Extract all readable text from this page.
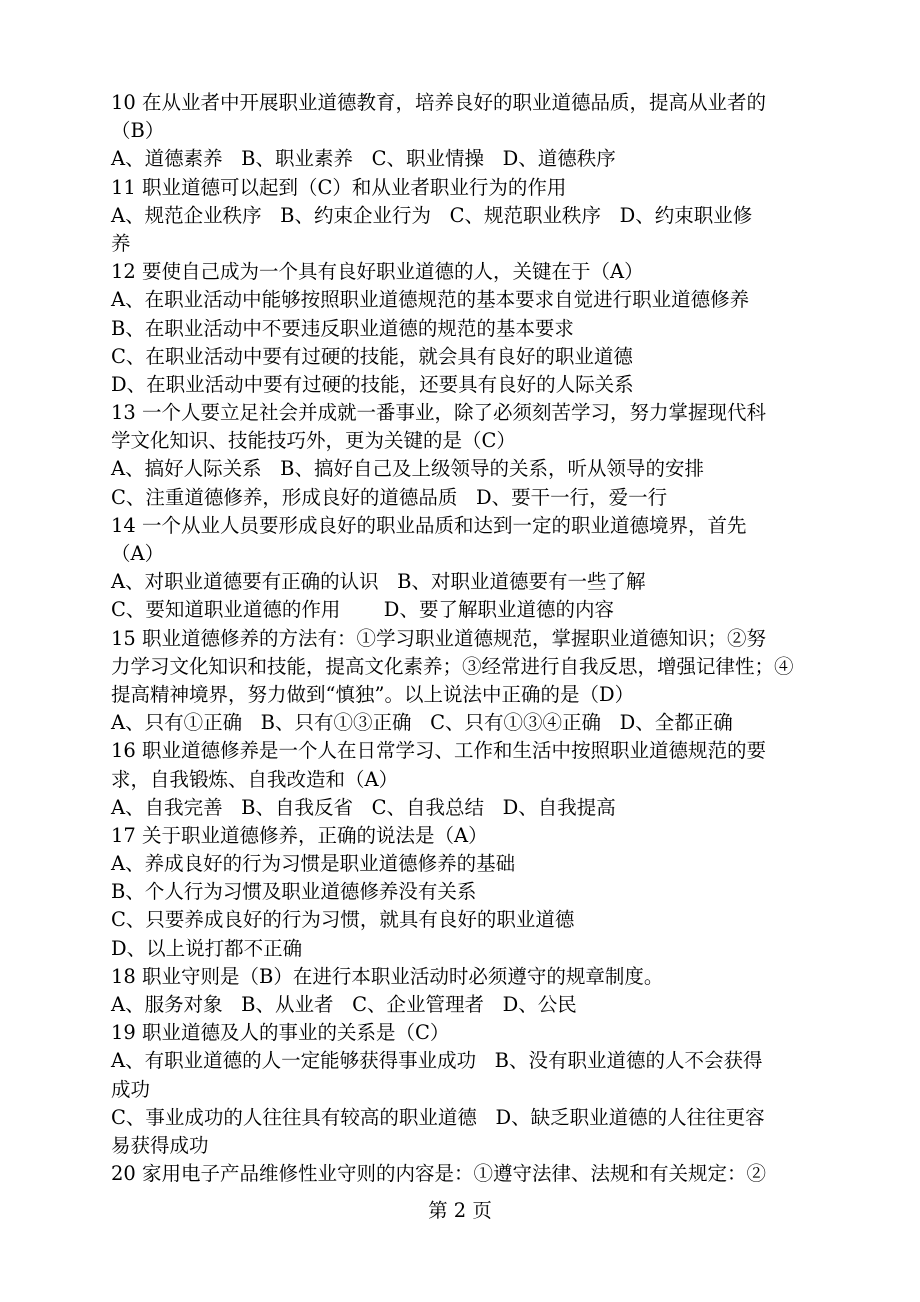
10 在从业者中开展职业道德教育，培养良好的职业道德品质，提高从业者的
（B）
A、道德素养   B、职业素养   C、职业情操   D、道德秩序
11 职业道德可以起到（C）和从业者职业行为的作用
A、规范企业秩序   B、约束企业行为   C、规范职业秩序   D、约束职业修
养
12 要使自己成为一个具有良好职业道德的人，关键在于（A）
A、在职业活动中能够按照职业道德规范的基本要求自觉进行职业道德修养
B、在职业活动中不要违反职业道德的规范的基本要求
C、在职业活动中要有过硬的技能，就会具有良好的职业道德
D、在职业活动中要有过硬的技能，还要具有良好的人际关系
13 一个人要立足社会并成就一番事业，除了必须刻苦学习，努力掌握现代科
学文化知识、技能技巧外，更为关键的是（C）
A、搞好人际关系   B、搞好自己及上级领导的关系，听从领导的安排
C、注重道德修养，形成良好的道德品质   D、要干一行，爱一行
14 一个从业人员要形成良好的职业品质和达到一定的职业道德境界，首先
（A）
A、对职业道德要有正确的认识   B、对职业道德要有一些了解
C、要知道职业道德的作用       D、要了解职业道德的内容
15 职业道德修养的方法有：①学习职业道德规范，掌握职业道德知识；②努
力学习文化知识和技能，提高文化素养；③经常进行自我反思，增强记律性；④
提高精神境界，努力做到“慎独”。以上说法中正确的是（D）
A、只有①正确   B、只有①③正确   C、只有①③④正确   D、全都正确
16 职业道德修养是一个人在日常学习、工作和生活中按照职业道德规范的要
求，自我锻炼、自我改造和（A）
A、自我完善   B、自我反省   C、自我总结   D、自我提高
17 关于职业道德修养，正确的说法是（A）
A、养成良好的行为习惯是职业道德修养的基础
B、个人行为习惯及职业道德修养没有关系
C、只要养成良好的行为习惯，就具有良好的职业道德
D、以上说打都不正确
18 职业守则是（B）在进行本职业活动时必须遵守的规章制度。
A、服务对象   B、从业者   C、企业管理者   D、公民
19 职业道德及人的事业的关系是（C）
A、有职业道德的人一定能够获得事业成功   B、没有职业道德的人不会获得
成功
C、事业成功的人往往具有较高的职业道德   D、缺乏职业道德的人往往更容
易获得成功
20 家用电子产品维修性业守则的内容是：①遵守法律、法规和有关规定：②
第 2 页
